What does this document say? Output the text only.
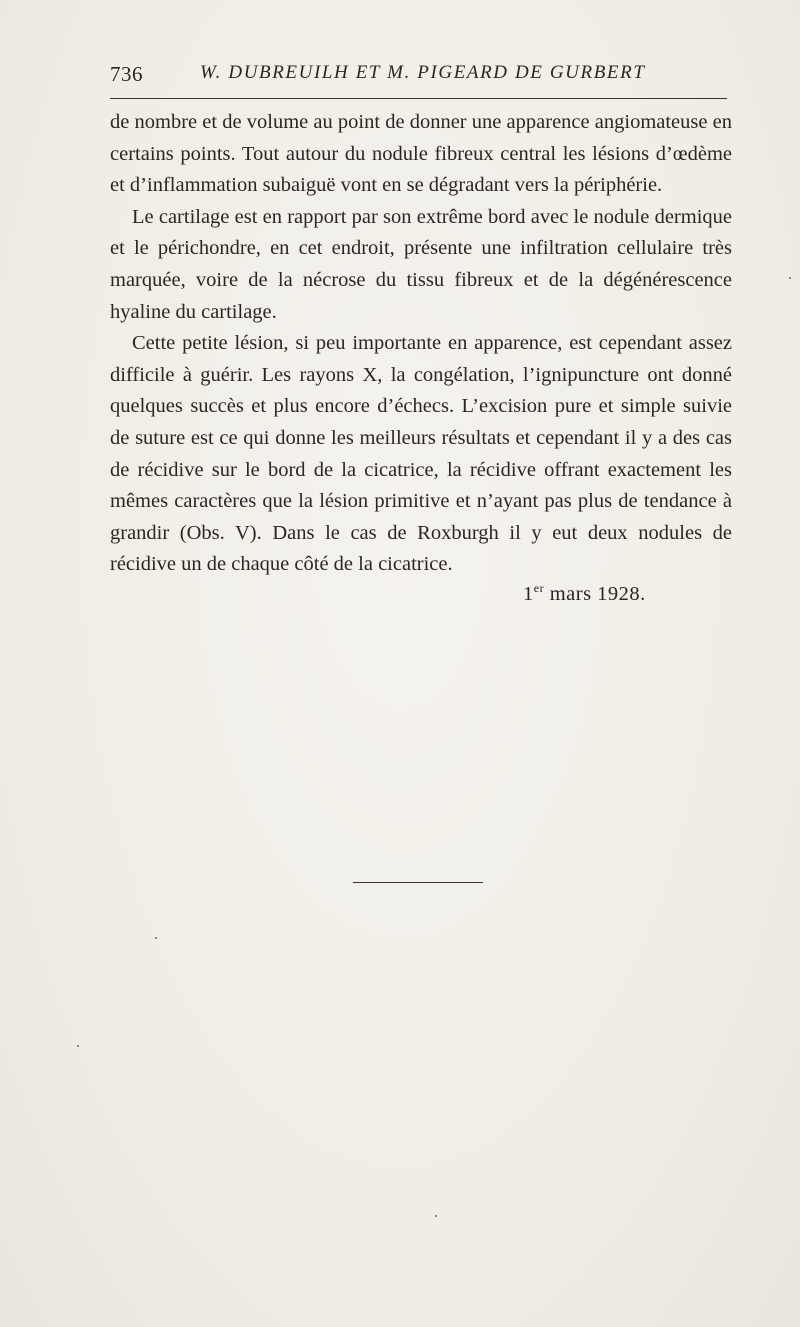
736	W. DUBREUILH ET M. PIGEARD DE GURBERT

de nombre et de volume au point de donner une apparence angiomateuse en certains points. Tout autour du nodule fibreux central les lésions d’œdème et d’inflammation subaiguë vont en se dégradant vers la périphérie.

Le cartilage est en rapport par son extrême bord avec le nodule dermique et le périchondre, en cet endroit, présente une infiltration cellulaire très marquée, voire de la nécrose du tissu fibreux et de la dégénérescence hyaline du cartilage.

Cette petite lésion, si peu importante en apparence, est cependant assez difficile à guérir. Les rayons X, la congélation, l’ignipuncture ont donné quelques succès et plus encore d’échecs. L’excision pure et simple suivie de suture est ce qui donne les meilleurs résultats et cependant il y a des cas de récidive sur le bord de la cicatrice, la récidive offrant exactement les mêmes caractères que la lésion primitive et n’ayant pas plus de tendance à grandir (Obs. V). Dans le cas de Roxburgh il y eut deux nodules de récidive un de chaque côté de la cicatrice.

1er mars 1928.
